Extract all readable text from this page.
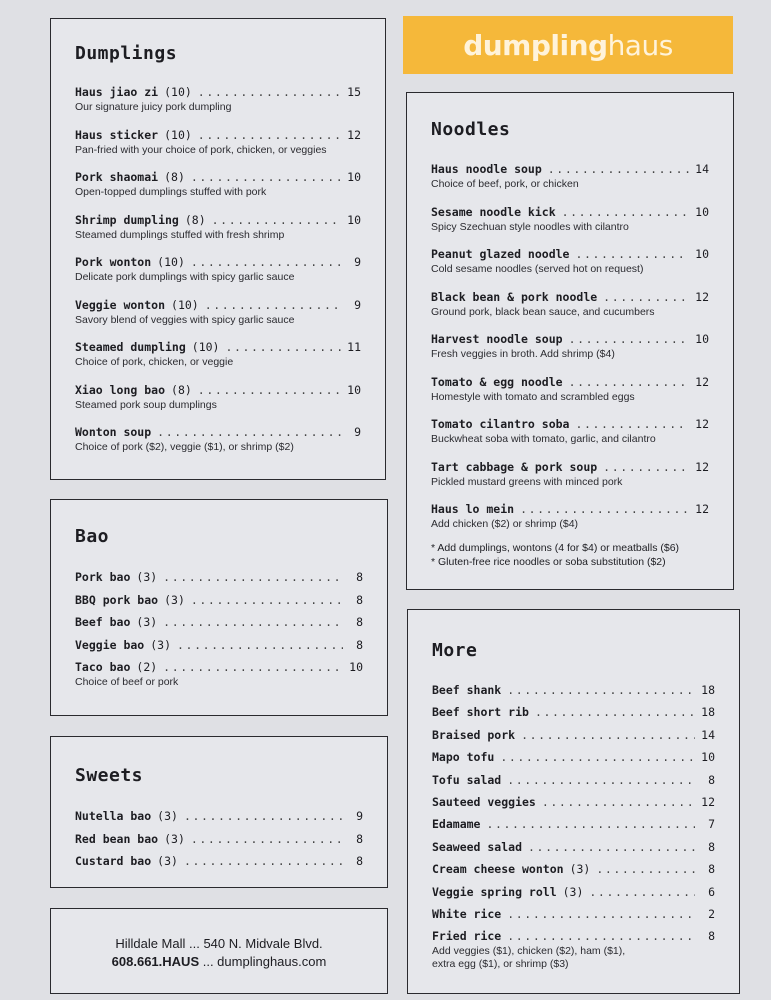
dumpling haus
Dumplings
Haus jiao zi (10) .....	15
Our signature juicy pork dumpling
Haus sticker (10) .....	12
Pan-fried with your choice of pork, chicken, or veggies
Pork shaomai (8) .....	10
Open-topped dumplings stuffed with pork
Shrimp dumpling (8) .....	10
Steamed dumplings stuffed with fresh shrimp
Pork wonton (10) .....	9
Delicate pork dumplings with spicy garlic sauce
Veggie wonton (10) .....	9
Savory blend of veggies with spicy garlic sauce
Steamed dumpling (10) .....	11
Choice of pork, chicken, or veggie
Xiao long bao (8) .....	10
Steamed pork soup dumplings
Wonton soup .....	9
Choice of pork ($2), veggie ($1), or shrimp ($2)
Bao
Pork bao (3) .....	8
BBQ pork bao (3) .....	8
Beef bao (3) .....	8
Veggie bao (3) .....	8
Taco bao (2) .....	10
Choice of beef or pork
Sweets
Nutella bao (3) .....	9
Red bean bao (3) .....	8
Custard bao (3) .....	8
Hilldale Mall ... 540 N. Midvale Blvd.
608.661.HAUS ... dumplinghaus.com
Noodles
Haus noodle soup .....	14
Choice of beef, pork, or chicken
Sesame noodle kick .....	10
Spicy Szechuan style noodles with cilantro
Peanut glazed noodle .....	10
Cold sesame noodles (served hot on request)
Black bean & pork noodle .....	12
Ground pork, black bean sauce, and cucumbers
Harvest noodle soup .....	10
Fresh veggies in broth. Add shrimp ($4)
Tomato & egg noodle .....	12
Homestyle with tomato and scrambled eggs
Tomato cilantro soba .....	12
Buckwheat soba with tomato, garlic, and cilantro
Tart cabbage & pork soup .....	12
Pickled mustard greens with minced pork
Haus lo mein .....	12
Add chicken ($2) or shrimp ($4)
* Add dumplings, wontons (4 for $4) or meatballs ($6)
* Gluten-free rice noodles or soba substitution ($2)
More
Beef shank .....	18
Beef short rib .....	18
Braised pork .....	14
Mapo tofu .....	10
Tofu salad .....	8
Sauteed veggies .....	12
Edamame .....	7
Seaweed salad .....	8
Cream cheese wonton (3) .....	8
Veggie spring roll (3) .....	6
White rice .....	2
Fried rice .....	8
Add veggies ($1), chicken ($2), ham ($1),
extra egg ($1), or shrimp ($3)
